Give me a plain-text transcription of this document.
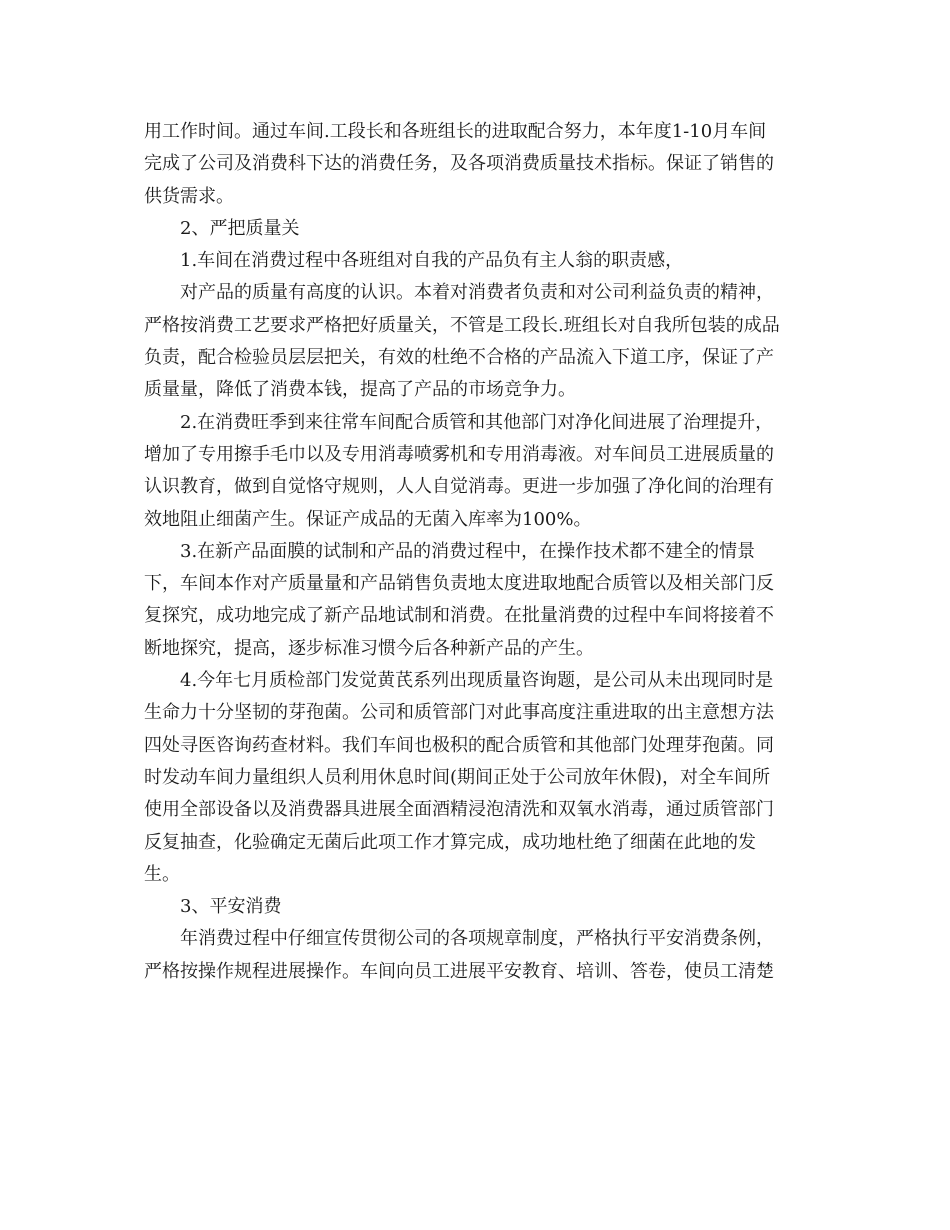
用工作时间。通过车间.工段长和各班组长的进取配合努力，本年度1-10月车间
完成了公司及消费科下达的消费任务，及各项消费质量技术指标。保证了销售的
供货需求。
2、严把质量关
1.车间在消费过程中各班组对自我的产品负有主人翁的职责感，
对产品的质量有高度的认识。本着对消费者负责和对公司利益负责的精神，
严格按消费工艺要求严格把好质量关，不管是工段长.班组长对自我所包装的成品
负责，配合检验员层层把关，有效的杜绝不合格的产品流入下道工序，保证了产
质量量，降低了消费本钱，提高了产品的市场竞争力。
2.在消费旺季到来往常车间配合质管和其他部门对净化间进展了治理提升，
增加了专用擦手毛巾以及专用消毒喷雾机和专用消毒液。对车间员工进展质量的
认识教育，做到自觉恪守规则，人人自觉消毒。更进一步加强了净化间的治理有
效地阻止细菌产生。保证产成品的无菌入库率为100%。
3.在新产品面膜的试制和产品的消费过程中，在操作技术都不建全的情景
下，车间本作对产质量量和产品销售负责地太度进取地配合质管以及相关部门反
复探究，成功地完成了新产品地试制和消费。在批量消费的过程中车间将接着不
断地探究，提高，逐步标准习惯今后各种新产品的产生。
4.今年七月质检部门发觉黄芪系列出现质量咨询题，是公司从未出现同时是
生命力十分坚韧的芽孢菌。公司和质管部门对此事高度注重进取的出主意想方法
四处寻医咨询药查材料。我们车间也极积的配合质管和其他部门处理芽孢菌。同
时发动车间力量组织人员利用休息时间(期间正处于公司放年休假)，对全车间所
使用全部设备以及消费器具进展全面酒精浸泡清洗和双氧水消毒，通过质管部门
反复抽查，化验确定无菌后此项工作才算完成，成功地杜绝了细菌在此地的发
生。
3、平安消费
年消费过程中仔细宣传贯彻公司的各项规章制度，严格执行平安消费条例，
严格按操作规程进展操作。车间向员工进展平安教育、培训、答卷，使员工清楚
